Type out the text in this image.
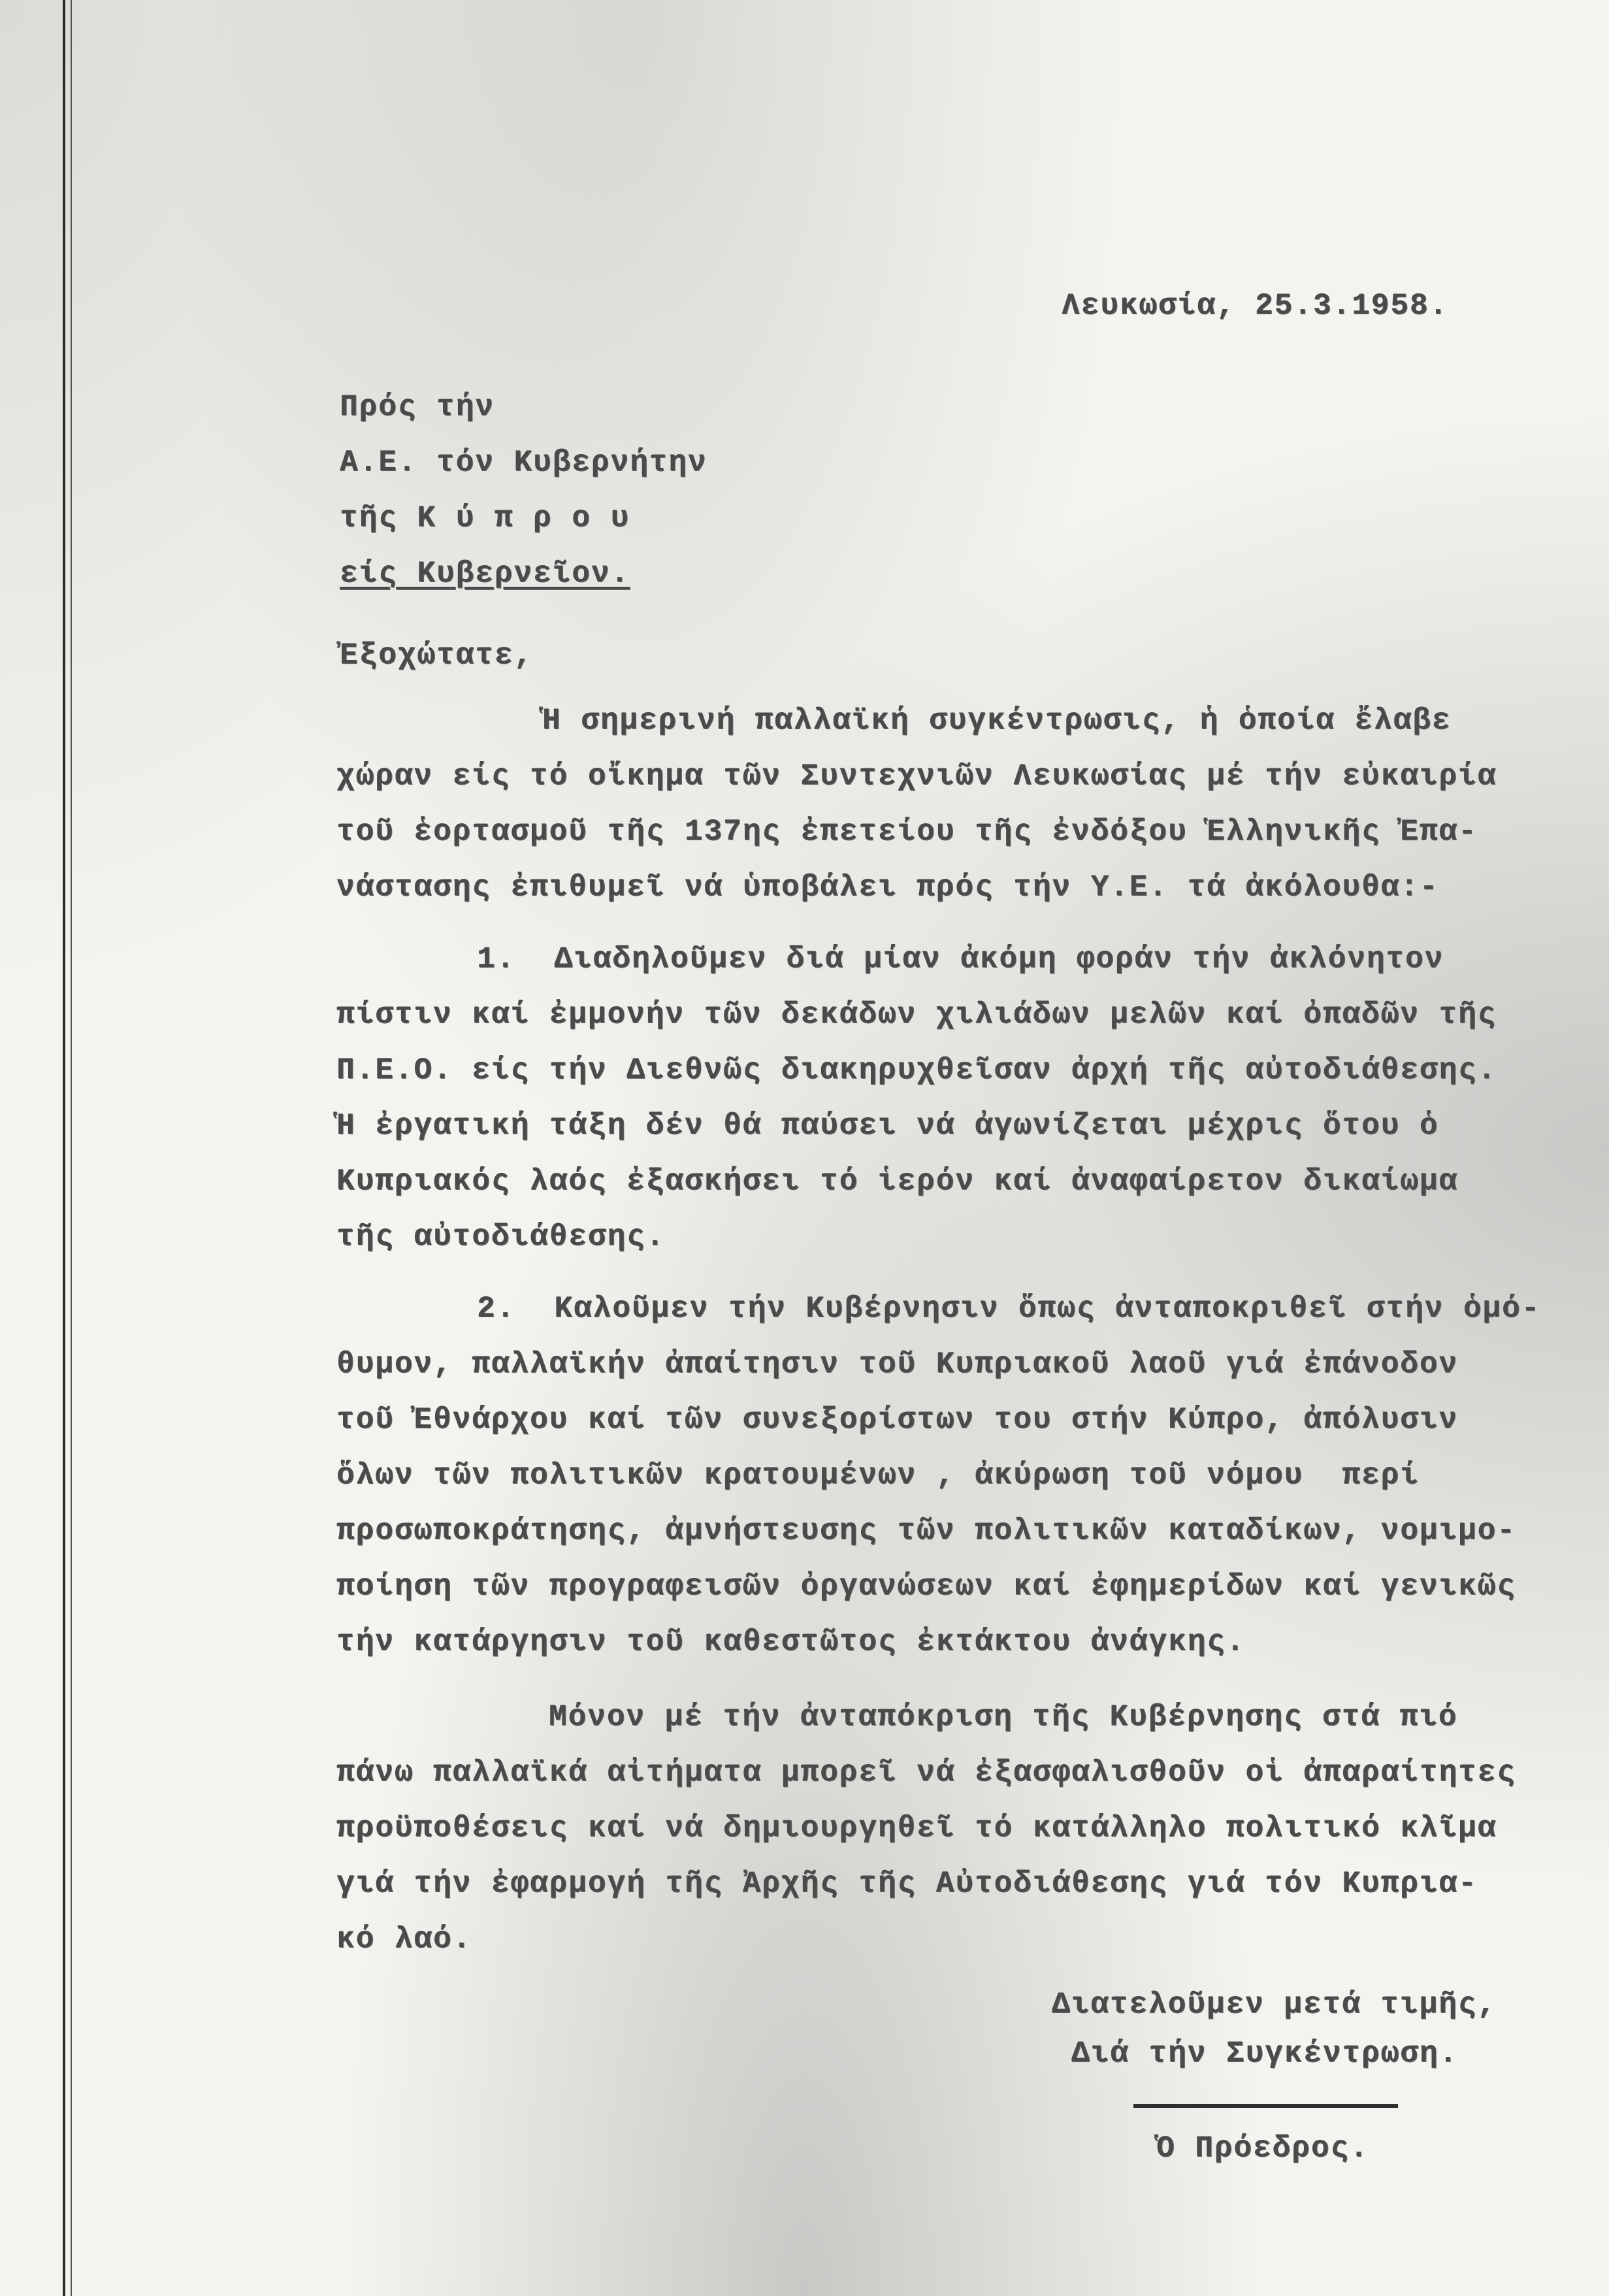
Λευκωσία, 25.3.1958.
Πρός τήν
Α.Ε. τόν Κυβερνήτην
τῆς Κ ύ π ρ ο υ
είς Κυβερνεῖον.
Ἐξοχώτατε,
Ἡ σημερινή παλλαϊκή συγκέντρωσις, ἡ ὁποία ἔλαβε
χώραν είς τό οἴκημα τῶν Συντεχνιῶν Λευκωσίας μέ τήν εὐκαιρία
τοῦ ἑορτασμοῦ τῆς 137ης ἐπετείου τῆς ἐνδόξου Ἑλληνικῆς Ἐπα-
νάστασης ἐπιθυμεῖ νά ὑποβάλει πρός τήν Υ.Ε. τά ἀκόλουθα:-
1.  Διαδηλοῦμεν διά μίαν ἀκόμη φοράν τήν ἀκλόνητον
πίστιν καί ἐμμονήν τῶν δεκάδων χιλιάδων μελῶν καί ὀπαδῶν τῆς
Π.Ε.Ο. είς τήν Διεθνῶς διακηρυχθεῖσαν ἀρχή τῆς αὐτοδιάθεσης.
Ἡ ἐργατική τάξη δέν θά παύσει νά ἀγωνίζεται μέχρις ὅτου ὁ
Κυπριακός λαός ἐξασκήσει τό ἱερόν καί ἀναφαίρετον δικαίωμα
τῆς αὐτοδιάθεσης.
2.  Καλοῦμεν τήν Κυβέρνησιν ὅπως ἀνταποκριθεῖ στήν ὁμό-
θυμον, παλλαϊκήν ἀπαίτησιν τοῦ Κυπριακοῦ λαοῦ γιά ἐπάνοδον
τοῦ Ἐθνάρχου καί τῶν συνεξορίστων του στήν Κύπρο, ἀπόλυσιν
ὅλων τῶν πολιτικῶν κρατουμένων , ἀκύρωση τοῦ νόμου  περί
προσωποκράτησης, ἀμνήστευσης τῶν πολιτικῶν καταδίκων, νομιμο-
ποίηση τῶν προγραφεισῶν ὀργανώσεων καί ἐφημερίδων καί γενικῶς
τήν κατάργησιν τοῦ καθεστῶτος ἐκτάκτου ἀνάγκης.
Μόνον μέ τήν ἀνταπόκριση τῆς Κυβέρνησης στά πιό
πάνω παλλαϊκά αἰτήματα μπορεῖ νά ἐξασφαλισθοῦν οἱ ἀπαραίτητες
προϋποθέσεις καί νά δημιουργηθεῖ τό κατάλληλο πολιτικό κλῖμα
γιά τήν ἐφαρμογή τῆς Ἀρχῆς τῆς Αὐτοδιάθεσης γιά τόν Κυπρια-
κό λαό.
Διατελοῦμεν μετά τιμῆς,
Διά τήν Συγκέντρωση.
Ὁ Πρόεδρος.
